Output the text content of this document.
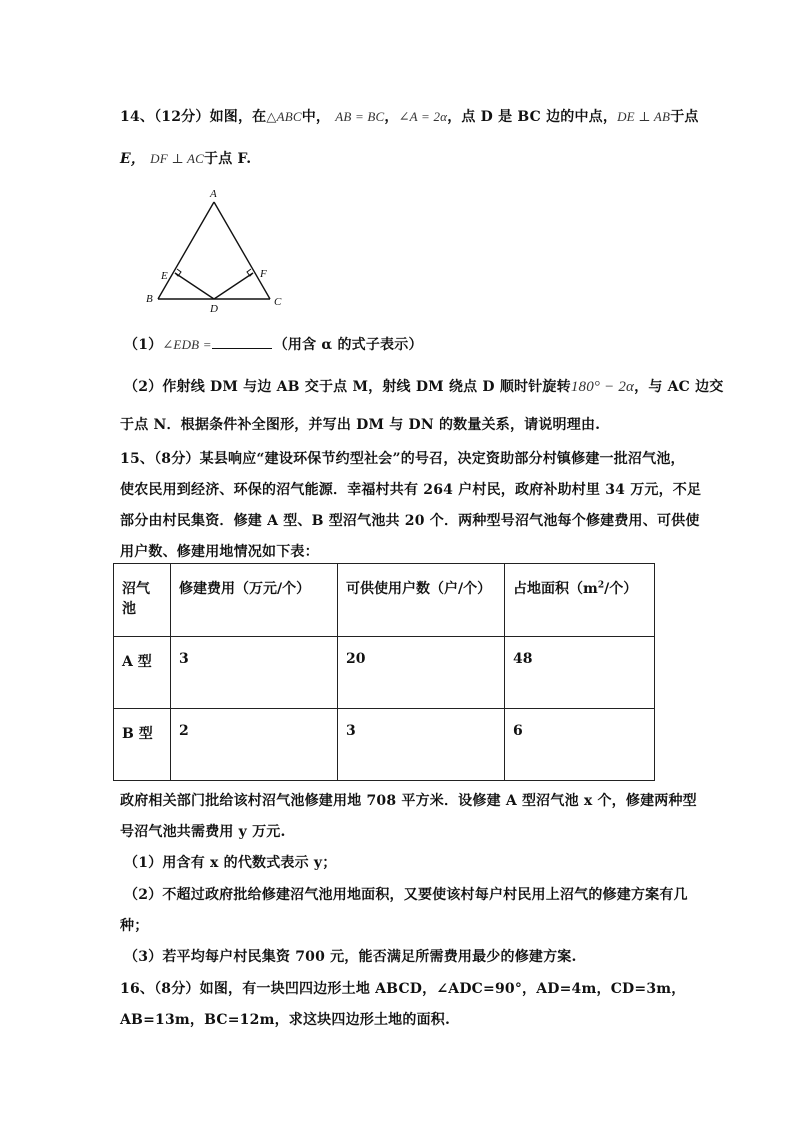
14、（12分）如图，在△ABC中， AB = BC，∠A = 2α，点 D 是 BC 边的中点，DE ⊥ AB于点
E， DF ⊥ AC于点 F.
A
B	C
D
E	F
（1）∠EDB =	（用含 α 的式子表示）
（2）作射线 DM 与边 AB 交于点 M，射线 DM 绕点 D 顺时针旋转180° − 2α，与 AC 边交
于点 N．根据条件补全图形，并写出 DM 与 DN 的数量关系，请说明理由.
15、（8分）某县响应“建设环保节约型社会”的号召，决定资助部分村镇修建一批沼气池，
使农民用到经济、环保的沼气能源．幸福村共有 264 户村民，政府补助村里 34 万元，不足
部分由村民集资．修建 A 型、B 型沼气池共 20 个．两种型号沼气池每个修建费用、可供使
用户数、修建用地情况如下表：
沼气池	修建费用（万元/个）	可供使用户数（户/个）	占地面积（$m^2/$个）
A 型	3	20	48
B 型	2	3	6
政府相关部门批给该村沼气池修建用地 708 平方米．设修建 A 型沼气池 x 个，修建两种型
号沼气池共需费用 y 万元.
（1）用含有 x 的代数式表示 y；
（2）不超过政府批给修建沼气池用地面积，又要使该村每户村民用上沼气的修建方案有几
种；
（3）若平均每户村民集资 700 元，能否满足所需费用最少的修建方案.
16、（8分）如图，有一块凹四边形土地 ABCD，∠ADC=90°，AD=4m，CD=3m，
AB=13m，BC=12m，求这块四边形土地的面积.
